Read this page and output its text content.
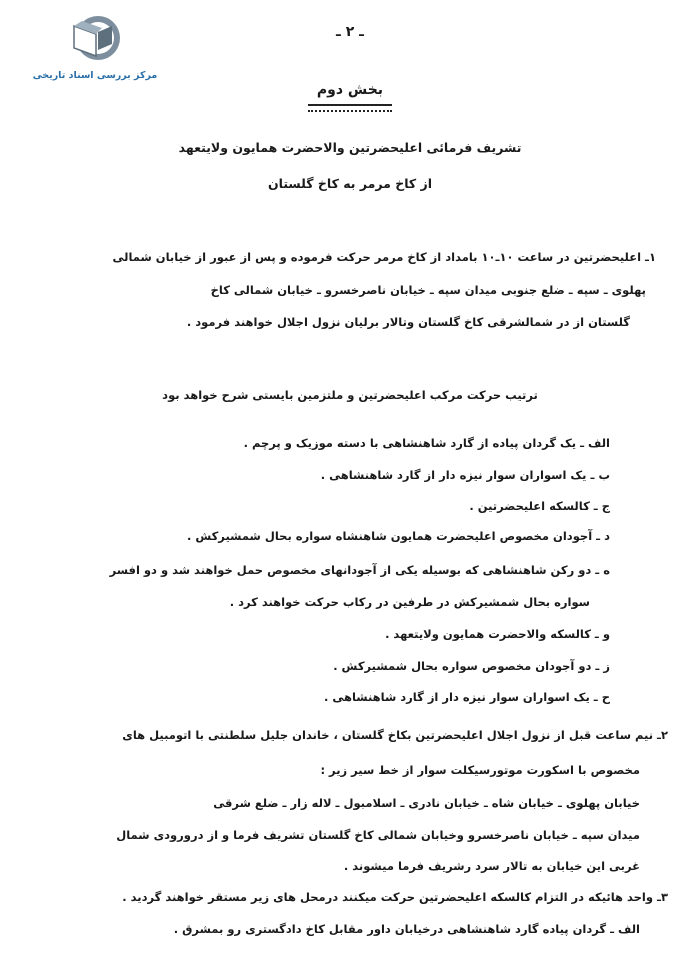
مرکز بررسی اسناد تاریخی
ـ ۲ ـ
بخش دوم
تشریف فرمائی اعلیحضرتین والاحضرت همایون ولایتعهد
از کاخ مرمر به کاخ گلستان
۱ـ اعلیحضرتین در ساعت ۱۰ـ۱۰ بامداد از کاخ مرمر حرکت فرموده و پس از عبور از خیابان شمالی
پهلوی ـ سپه ـ ضلع جنوبی میدان سپه ـ خیابان ناصرخسرو ـ خیابان شمالی کاخ
گلستان از در شمالشرقی کاخ گلستان وتالار برلیان نزول اجلال خواهند فرمود .
ترتیب حرکت مرکب اعلیحضرتین و ملتزمین بایستی شرح خواهد بود
الف ـ یک گردان پیاده از گارد شاهنشاهی با دسته موزیک و پرچم .
ب ـ یک اسواران سوار نیزه دار از گارد شاهنشاهی .
ج ـ کالسکه اعلیحضرتین .
د ـ آجودان مخصوص اعلیحضرت همایون شاهنشاه سواره بحال شمشیرکش .
ه ـ دو رکن شاهنشاهی که بوسیله یکی از آجودانهای مخصوص حمل خواهند شد و دو افسر
سواره بحال شمشیرکش در طرفین در رکاب حرکت خواهند کرد .
و ـ کالسکه والاحضرت همایون ولایتعهد .
ز ـ دو آجودان مخصوص سواره بحال شمشیرکش .
ح ـ یک اسواران سوار نیزه دار از گارد شاهنشاهی .
۲ـ نیم ساعت قبل از نزول اجلال اعلیحضرتین بکاخ گلستان ، خاندان جلیل سلطنتی با اتومبیل های
مخصوص با اسکورت موتورسیکلت سوار از خط سیر زیر :
خیابان پهلوی ـ خیابان شاه ـ خیابان نادری ـ اسلامبول ـ لاله زار ـ ضلع شرقی
میدان سپه ـ خیابان ناصرخسرو وخیابان شمالی کاخ گلستان تشریف فرما و از درورودی شمال
غربی این خیابان به تالار سرد رشریف فرما میشوند .
۳ـ واحد هائیکه در التزام کالسکه اعلیحضرتین حرکت میکنند درمحل های زیر مستقر خواهند گردید .
الف ـ گردان پیاده گارد شاهنشاهی درخیابان داور مقابل کاخ دادگستری رو بمشرق .
